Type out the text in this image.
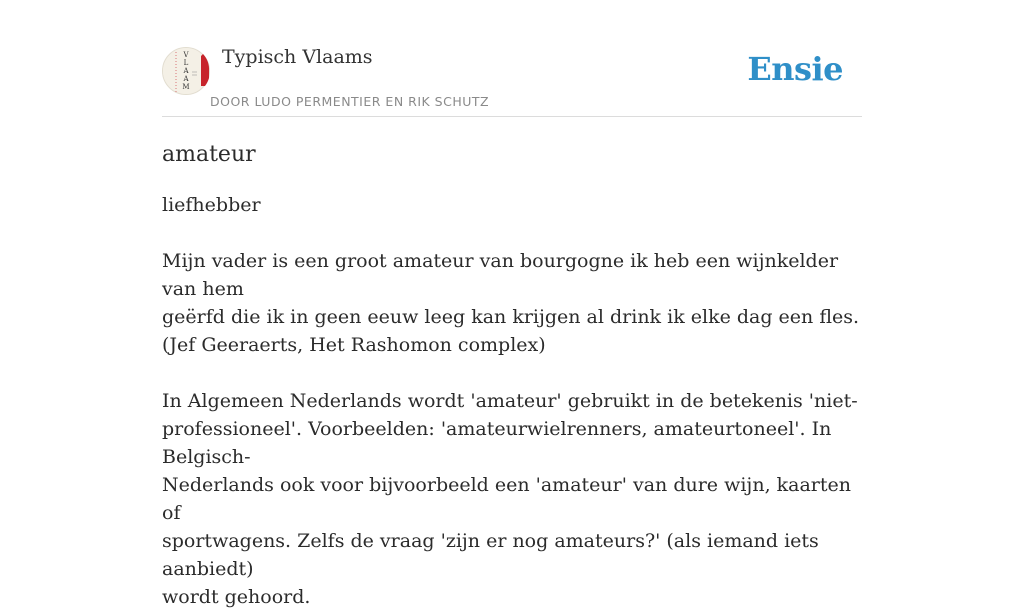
V
L
A
A
M
Typisch Vlaams
DOOR LUDO PERMENTIER EN RIK SCHUTZ
Ensie
amateur

liefhebber

Mijn vader is een groot amateur van bourgogne ik heb een wijnkelder van hem
geërfd die ik in geen eeuw leeg kan krijgen al drink ik elke dag een fles.
(Jef Geeraerts, Het Rashomon complex)

In Algemeen Nederlands wordt 'amateur' gebruikt in de betekenis 'niet-
professioneel'. Voorbeelden: 'amateurwielrenners, amateurtoneel'. In Belgisch-
Nederlands ook voor bijvoorbeeld een 'amateur' van dure wijn, kaarten of
sportwagens. Zelfs de vraag 'zijn er nog amateurs?' (als iemand iets aanbiedt)
wordt gehoord.
